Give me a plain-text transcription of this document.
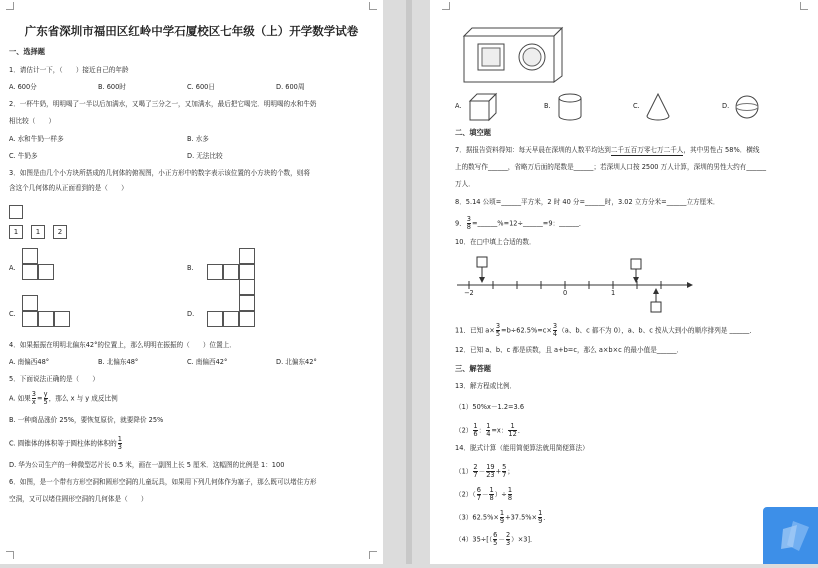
广东省深圳市福田区红岭中学石厦校区七年级（上）开学数学试卷
一、选择题
1．请估计一下，（　　）接近自己的年龄
A. 600分	B. 600时	C. 600日	D. 600周
2．一杯牛奶，明明喝了一半以后加满水，又喝了三分之一，又加满水，最后把它喝完．明明喝的水和牛奶
相比较（　　）
A. 水和牛奶一样多	B. 水多
C. 牛奶多	D. 无法比较
3．如图是由几个小方块所搭成的几何体的俯视图，小正方形中的数字表示该位置的小方块的个数，则将
含这个几何体的从正面看到的是（　　）
1	1	2
A.	B.
C.	D.
4．如果振振在明明北偏东42°的位置上，那么明明在振振的（　　）位置上．
A. 南偏西48°	B. 北偏东48°	C. 南偏西42°	D. 北偏东42°
5．下面说法正确的是（　　）
A. 如果 $\frac{3}{x} = \frac{y}{5}$ ，那么 x 与 y 成反比例
B. 一种商品涨价 25%，要恢复原价，就要降价 25%
C. 圆锥体的体积等于圆柱体的体积的 $\frac{1}{3}$
D. 华为公司生产的一种微型芯片长 0.5 米，画在一副图上长 5 厘米．这幅图的比例是 1：100
6．如图，是一个带有方形空洞和圆形空洞的儿童玩具，如果用下列几何体作为塞子，那么既可以堵住方形
空洞，又可以堵住圆形空洞的几何体是（　　）
A.	B.	C.	D.
二、填空题
7．据报告资料得知：每天早晨在深圳的人数平均达到二千五百万零七万二千人，其中男性占 58%．横线
上的数写作______，省略万后面的尾数是______；若深圳人口按 2500 万人计算，深圳的男性大约有______
万人．
8．5.14 公顷=______平方米，2 时 40 分=______时，3.02 立方分米=______立方厘米．
9． $\frac{3}{8}$ =______%=12÷______=9：______．
10．在□中填上合适的数．
−2	0	1
11．已知 $a\times \frac{3}{5} =b\div 62.5\%=c\times \frac{3}{4} (a$、b、c 都不为 0），a、b、c 按从大到小的顺序排列是 ______．
12．已知 a、b、c 都是质数，且 a+b=c，那么 a×b×c 的最小值是______．
三、解答题
13．解方程或比例．
（1）50%x－1.2=3.6
$(2) \frac{1}{6}$ ： $\frac{1}{4} =x$： $\frac{1}{12}$ ．
14．脱式计算（能用简便算法就用简便算法）
$(1) \frac{2}{7} - \frac{19}{23} + \frac{5}{7}$ ；
$(2)( \frac{6}{7} - \frac{1}{8}$ ）÷ $\frac{1}{8}$
$(3)62.5\%\times \frac{1}{9} +37.5\%\times \frac{1}{9}$ ．
$(4)35\div[( \frac{6}{5} - \frac{2}{3} )\times 3]$．
